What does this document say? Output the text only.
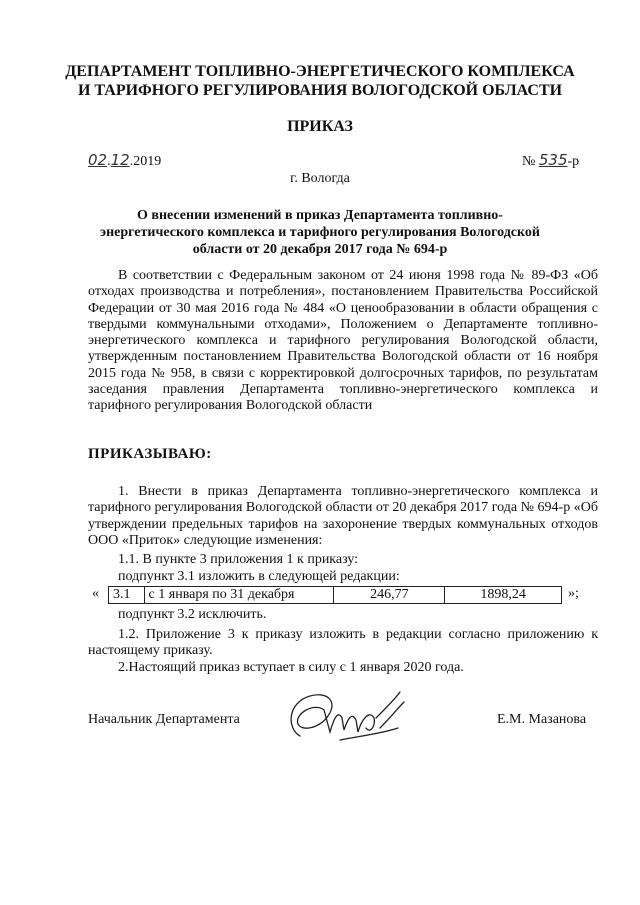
ДЕПАРТАМЕНТ ТОПЛИВНО-ЭНЕРГЕТИЧЕСКОГО КОМПЛЕКСА
И ТАРИФНОГО РЕГУЛИРОВАНИЯ ВОЛОГОДСКОЙ ОБЛАСТИ
ПРИКАЗ
02.12.2019	№ 535-р
г. Вологда
О внесении изменений в приказ Департамента топливно-энергетического комплекса и тарифного регулирования Вологодской области от 20 декабря 2017 года № 694-р
В соответствии с Федеральным законом от 24 июня 1998 года № 89-ФЗ «Об отходах производства и потребления», постановлением Правительства Российской Федерации от 30 мая 2016 года № 484 «О ценообразовании в области обращения с твердыми коммунальными отходами», Положением о Департаменте топливно-энергетического комплекса и тарифного регулирования Вологодской области, утвержденным постановлением Правительства Вологодской области от 16 ноября 2015 года № 958, в связи с корректировкой долгосрочных тарифов, по результатам заседания правления Департамента топливно-энергетического комплекса и тарифного регулирования Вологодской области
ПРИКАЗЫВАЮ:
1. Внести в приказ Департамента топливно-энергетического комплекса и тарифного регулирования Вологодской области от 20 декабря 2017 года № 694-р «Об утверждении предельных тарифов на захоронение твердых коммунальных отходов ООО «Приток» следующие изменения:
1.1. В пункте 3 приложения 1 к приказу:
подпункт 3.1 изложить в следующей редакции:
« 3.1	с 1 января по 31 декабря	246,77	1898,24	»;
подпункт 3.2 исключить.
1.2. Приложение 3 к приказу изложить в редакции согласно приложению к настоящему приказу.
2.Настоящий приказ вступает в силу с 1 января 2020 года.
Начальник Департамента	Е.М. Мазанова
